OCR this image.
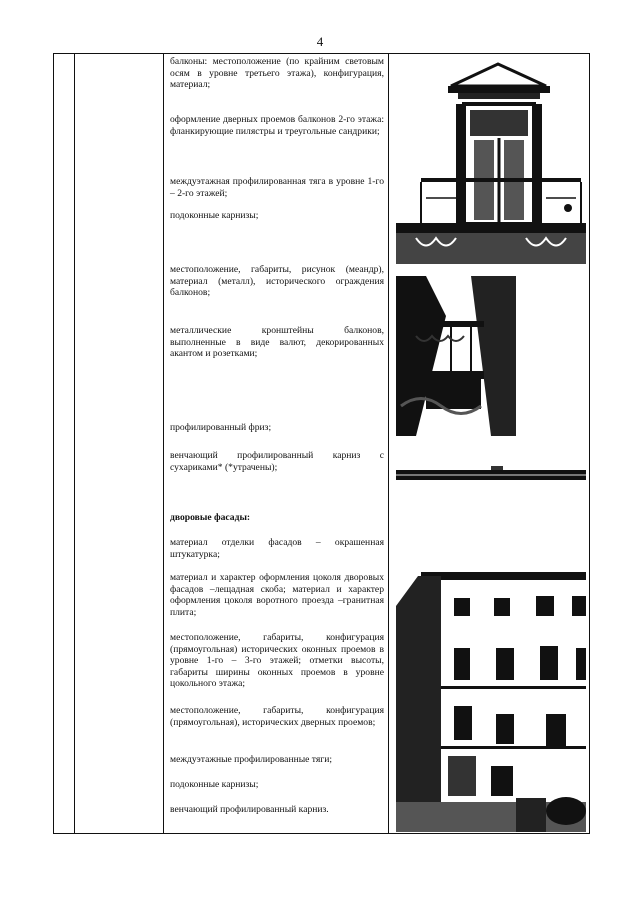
4

балконы: местоположение (по крайним световым осям в уровне третьего этажа), конфигурация, материал;

оформление дверных проемов балконов 2-го этажа: фланкирующие пилястры и треугольные сандрики;

междуэтажная профилированная тяга в уровне 1-го – 2-го этажей;

подоконные карнизы;

местоположение, габариты, рисунок (меандр), материал (металл), исторического ограждения балконов;

металлические кронштейны балконов, выполненные в виде валют, декорированных акантом и розетками;

профилированный фриз;

венчающий профилированный карниз с сухариками* (*утрачены);

дворовые фасады:

материал отделки фасадов – окрашенная штукатурка;

материал и характер оформления цоколя дворовых фасадов –лещадная скоба; материал и характер оформления цоколя воротного проезда –гранитная плита;

местоположение, габариты, конфигурация (прямоугольная) исторических оконных проемов в уровне 1-го – 3-го этажей; отметки высоты, габариты ширины оконных проемов в уровне цокольного этажа;

местоположение, габариты, конфигурация (прямоугольная), исторических дверных проемов;

междуэтажные профилированные тяги;

подоконные карнизы;

венчающий профилированный карниз.
